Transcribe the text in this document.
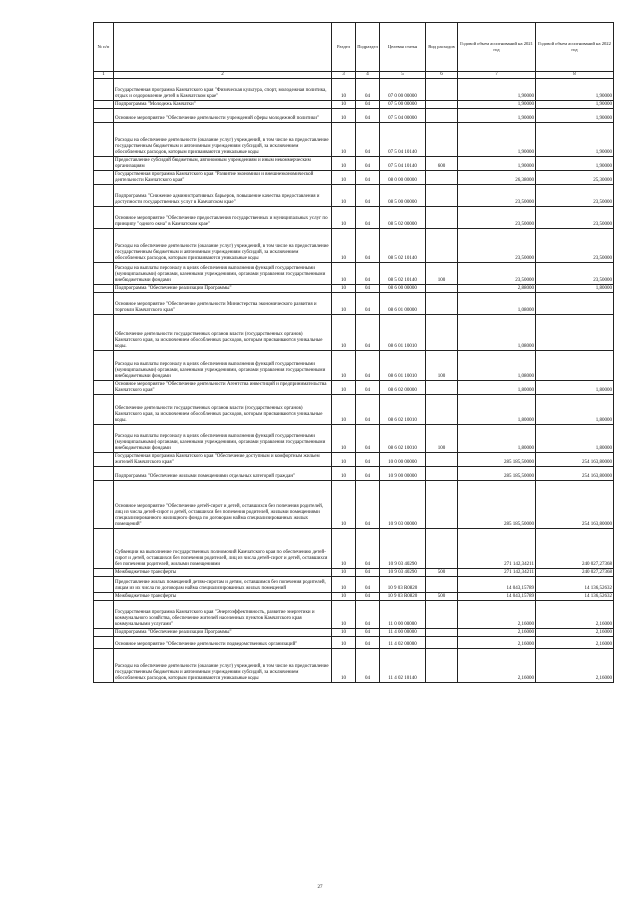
№ п/п		Раздел	Подраздел	Целевая статья	Вид расходов	Годовой объем ассигнований на 2021 год	Годовой объем ассигнований на 2022 год
1	2	3	4	5	6	7	8
	Государственная программа Камчатского края "Физическая культура, спорт, молодежная политика, отдых и оздоровление детей в Камчатском крае"	10	04	07 0 00 00000		1,90000	1,90000
	Подпрограмма "Молодежь Камчатки"	10	04	07 5 00 00000		1,90000	1,90000
	Основное мероприятие "Обеспечение деятельности учреждений сферы молодежной политики"	10	04	07 5 04 00000		1,90000	1,90000
	Расходы на обеспечение деятельности (оказание услуг) учреждений, в том числе на предоставление государственным бюджетным и автономным учреждениям субсидий, за исключением обособленных расходов, которым присваиваются уникальные коды	10	04	07 5 04 10140		1,90000	1,90000
	Предоставление субсидий бюджетным, автономным учреждениям и иным некоммерческим организациям	10	04	07 5 04 10140	600	1,90000	1,90000
	Государственная программа Камчатского края "Развитие экономики и внешнеэкономической деятельности Камчатского края"	10	04	08 0 00 00000		26,38000	25,30000
	Подпрограмма "Снижение административных барьеров, повышение качества предоставления и доступности государственных услуг в Камчатском крае"	10	04	08 5 00 00000		23,50000	23,50000
	Основное мероприятие "Обеспечение предоставления государственных и муниципальных услуг по принципу "одного окна" в Камчатском крае"	10	04	08 5 02 00000		23,50000	23,50000
	Расходы на обеспечение деятельности (оказание услуг) учреждений, в том числе на предоставление государственным бюджетным и автономным учреждениям субсидий, за исключением обособленных расходов, которым присваиваются уникальные коды	10	04	08 5 02 10140		23,50000	23,50000
	Расходы на выплаты персоналу в целях обеспечения выполнения функций государственными (муниципальными) органами, казенными учреждениями, органами управления государственными внебюджетными фондами	10	04	08 5 02 10140	100	23,50000	23,50000
	Подпрограмма "Обеспечение реализации Программы"	10	04	08 6 00 00000		2,88000	1,80000
	Основное мероприятие "Обеспечение деятельности Министерства экономического развития и торговли Камчатского края"	10	04	08 6 01 00000		1,08000	
	Обеспечение деятельности государственных органов власти (государственных органов) Камчатского края, за исключением обособленных расходов, которым присваиваются уникальные коды.	10	04	08 6 01 10010		1,08000	
	Расходы на выплаты персоналу в целях обеспечения выполнения функций государственными (муниципальными) органами, казенными учреждениями, органами управления государственными внебюджетными фондами	10	04	08 6 01 10010	100	1,08000	
	Основное мероприятие "Обеспечение деятельности Агентства инвестиций и предпринимательства Камчатского края"	10	04	08 6 02 00000		1,80000	1,80000
	Обеспечение деятельности государственных органов власти (государственных органов) Камчатского края, за исключением обособленных расходов, которым присваиваются уникальные коды.	10	04	08 6 02 10010		1,80000	1,80000
	Расходы на выплаты персоналу в целях обеспечения выполнения функций государственными (муниципальными) органами, казенными учреждениями, органами управления государственными внебюджетными фондами	10	04	08 6 02 10010	100	1,80000	1,80000
	Государственная программа Камчатского края "Обеспечение доступным и комфортным жильем жителей Камчатского края"	10	04	10 0 00 00000		285 185,50000	254 163,80000
	Подпрограмма "Обеспечение жилыми помещениями отдельных категорий граждан"	10	04	10 9 00 00000		285 185,50000	254 163,80000
	Основное мероприятие "Обеспечение детей-сирот и детей, оставшихся без попечения родителей, лиц из числа детей-сирот и детей, оставшихся без попечения родителей, жилыми помещениями специализированного жилищного фонда по договорам найма специализированных жилых помещений"	10	04	10 9 03 00000		285 185,50000	254 163,80000
	Субвенции на выполнение государственных полномочий Камчатского края по обеспечению детей-сирот и детей, оставшихся без попечения родителей, лиц из числа детей-сирот и детей, оставшихся без попечения родителей, жилыми помещениями	10	04	10 9 03 40290		271 142,34211	240 027,27368
	Межбюджетные трансферты	10	04	10 9 03 40290	500	271 142,34211	240 027,27368
	Предоставление жилых помещений детям-сиротам и детям, оставшимся без попечения родителей, лицам из их числа по договорам найма специализированных жилых помещений	10	04	10 9 03 R0820		14 043,15789	14 136,52632
	Межбюджетные трансферты	10	04	10 9 03 R0820	500	14 043,15789	14 136,52632
	Государственная программа Камчатского края "Энергоэффективность, развитие энергетики и коммунального хозяйства, обеспечение жителей населенных пунктов Камчатского края коммунальными услугами"	10	04	11 0 00 00000		2,16000	2,16000
	Подпрограмма "Обеспечение реализации Программы"	10	04	11 4 00 00000		2,16000	2,16000
	Основное мероприятие "Обеспечение деятельности подведомственных организаций"	10	04	11 4 02 00000		2,16000	2,16000
	Расходы на обеспечение деятельности (оказание услуг) учреждений, в том числе на предоставление государственным бюджетным и автономным учреждениям субсидий, за исключением обособленных расходов, которым присваиваются уникальные коды	10	04	11 4 02 10140		2,16000	2,16000
27
